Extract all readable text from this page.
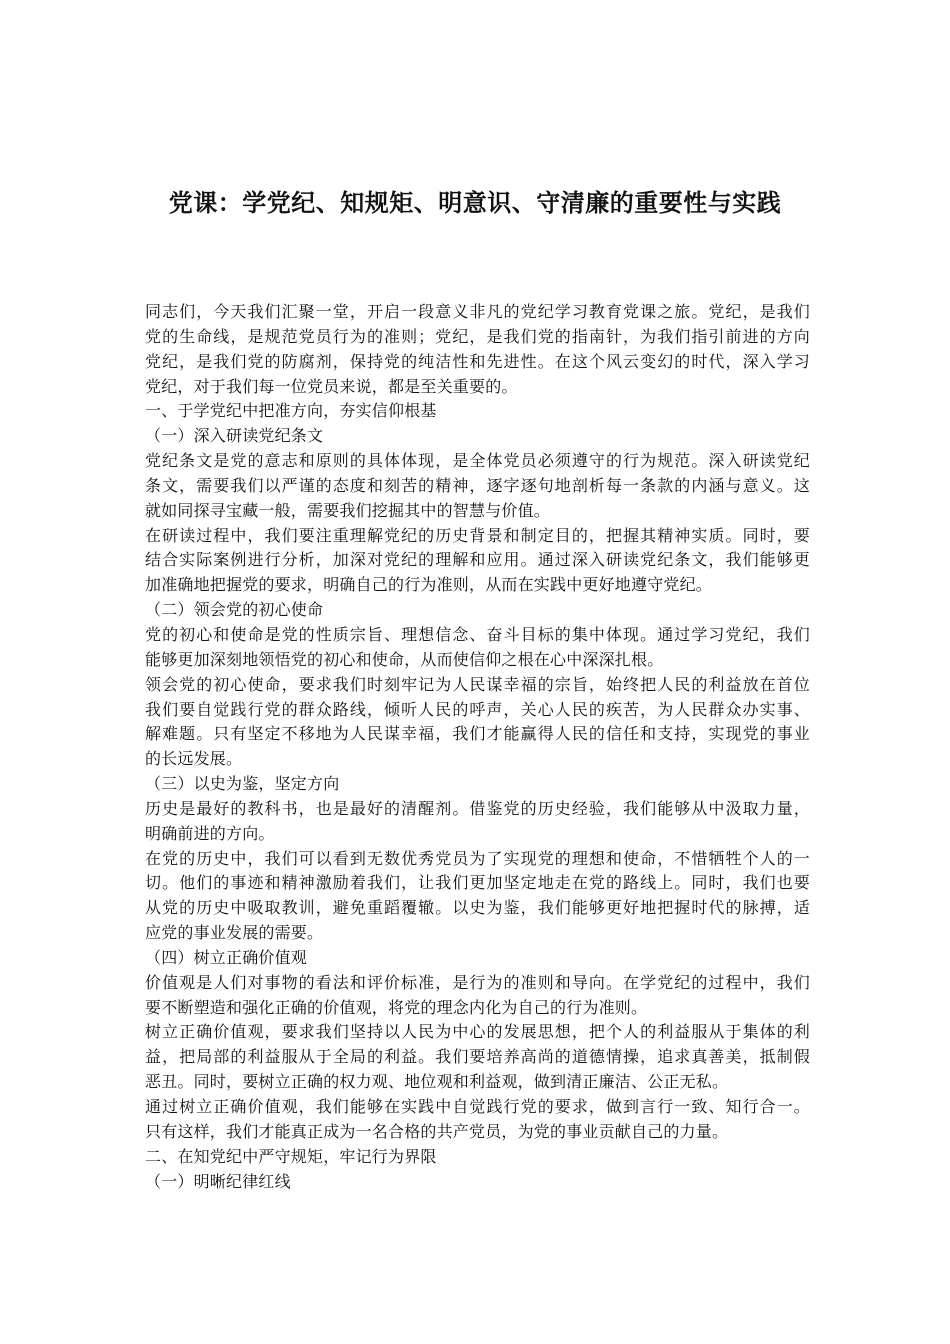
党课：学党纪、知规矩、明意识、守清廉的重要性与实践
同志们，今天我们汇聚一堂，开启一段意义非凡的党纪学习教育党课之旅。党纪，是我们
党的生命线，是规范党员行为的准则；党纪，是我们党的指南针，为我们指引前进的方向
党纪，是我们党的防腐剂，保持党的纯洁性和先进性。在这个风云变幻的时代，深入学习
党纪，对于我们每一位党员来说，都是至关重要的。
一、于学党纪中把准方向，夯实信仰根基
（一）深入研读党纪条文
党纪条文是党的意志和原则的具体体现，是全体党员必须遵守的行为规范。深入研读党纪
条文，需要我们以严谨的态度和刻苦的精神，逐字逐句地剖析每一条款的内涵与意义。这
就如同探寻宝藏一般，需要我们挖掘其中的智慧与价值。
在研读过程中，我们要注重理解党纪的历史背景和制定目的，把握其精神实质。同时，要
结合实际案例进行分析，加深对党纪的理解和应用。通过深入研读党纪条文，我们能够更
加准确地把握党的要求，明确自己的行为准则，从而在实践中更好地遵守党纪。
（二）领会党的初心使命
党的初心和使命是党的性质宗旨、理想信念、奋斗目标的集中体现。通过学习党纪，我们
能够更加深刻地领悟党的初心和使命，从而使信仰之根在心中深深扎根。
领会党的初心使命，要求我们时刻牢记为人民谋幸福的宗旨，始终把人民的利益放在首位
我们要自觉践行党的群众路线，倾听人民的呼声，关心人民的疾苦，为人民群众办实事、
解难题。只有坚定不移地为人民谋幸福，我们才能赢得人民的信任和支持，实现党的事业
的长远发展。
（三）以史为鉴，坚定方向
历史是最好的教科书，也是最好的清醒剂。借鉴党的历史经验，我们能够从中汲取力量，
明确前进的方向。
在党的历史中，我们可以看到无数优秀党员为了实现党的理想和使命，不惜牺牲个人的一
切。他们的事迹和精神激励着我们，让我们更加坚定地走在党的路线上。同时，我们也要
从党的历史中吸取教训，避免重蹈覆辙。以史为鉴，我们能够更好地把握时代的脉搏，适
应党的事业发展的需要。
（四）树立正确价值观
价值观是人们对事物的看法和评价标准，是行为的准则和导向。在学党纪的过程中，我们
要不断塑造和强化正确的价值观，将党的理念内化为自己的行为准则。
树立正确价值观，要求我们坚持以人民为中心的发展思想，把个人的利益服从于集体的利
益，把局部的利益服从于全局的利益。我们要培养高尚的道德情操，追求真善美，抵制假
恶丑。同时，要树立正确的权力观、地位观和利益观，做到清正廉洁、公正无私。
通过树立正确价值观，我们能够在实践中自觉践行党的要求，做到言行一致、知行合一。
只有这样，我们才能真正成为一名合格的共产党员，为党的事业贡献自己的力量。
二、在知党纪中严守规矩，牢记行为界限
（一）明晰纪律红线
